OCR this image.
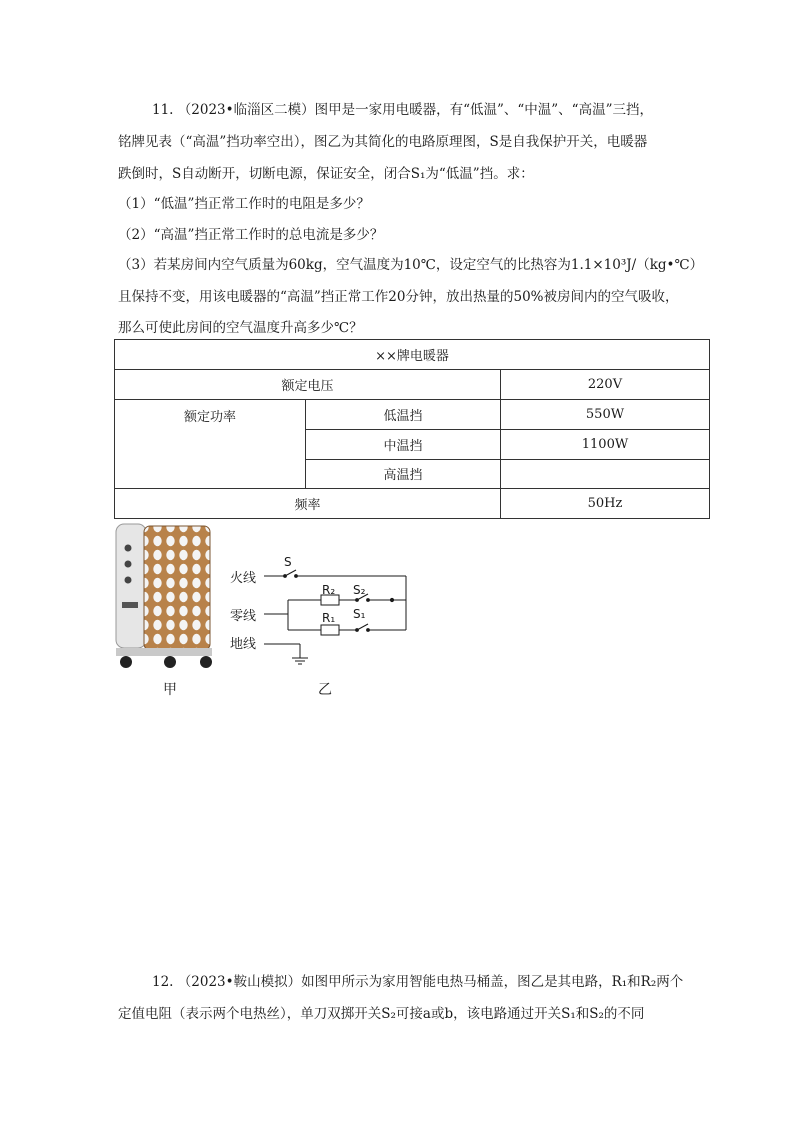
11. （2023•临淄区二模）图甲是一家用电暖器，有“低温”、“中温”、“高温”三挡，
铭牌见表（“高温”挡功率空出），图乙为其简化的电路原理图，S是自我保护开关，电暖器
跌倒时，S自动断开，切断电源，保证安全，闭合S₁为“低温”挡。求：
（1）“低温”挡正常工作时的电阻是多少？
（2）“高温”挡正常工作时的总电流是多少？
（3）若某房间内空气质量为60kg，空气温度为10℃，设定空气的比热容为1.1×10³J/（kg•℃）
且保持不变，用该电暖器的“高温”挡正常工作20分钟，放出热量的50%被房间内的空气吸收，
那么可使此房间的空气温度升高多少℃？
××牌电暖器		
额定电压		220V
额定功率	低温挡	550W
	中温挡	1100W
	高温挡	
频率		50Hz
甲
火线
零线
地线
S
R₂ S₂
R₁ S₁
乙
12. （2023•鞍山模拟）如图甲所示为家用智能电热马桶盖，图乙是其电路，R₁和R₂两个
定值电阻（表示两个电热丝），单刀双掷开关S₂可接a或b，该电路通过开关S₁和S₂的不同
